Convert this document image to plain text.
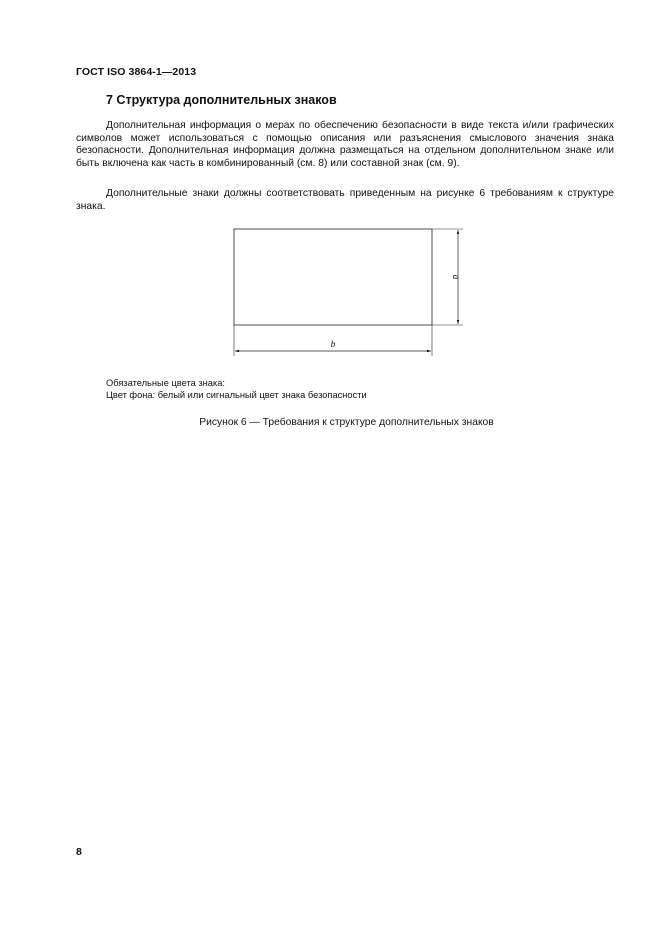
ГОСТ ISO 3864-1—2013
7 Структура дополнительных знаков

Дополнительная информация о мерах по обеспечению безопасности в виде текста и/или графических символов может использоваться с помощью описания или разъяснения смыслового значения знака безопасности. Дополнительная информация должна размещаться на отдельном дополнительном знаке или быть включена как часть в комбинированный (см. 8) или составной знак (см. 9).

Дополнительные знаки должны соответствовать приведенным на рисунке 6 требованиям к структуре знака.

a
b
Обязательные цвета знака:
Цвет фона: белый или сигнальный цвет знака безопасности
Рисунок 6 — Требования к структуре дополнительных знаков
8
